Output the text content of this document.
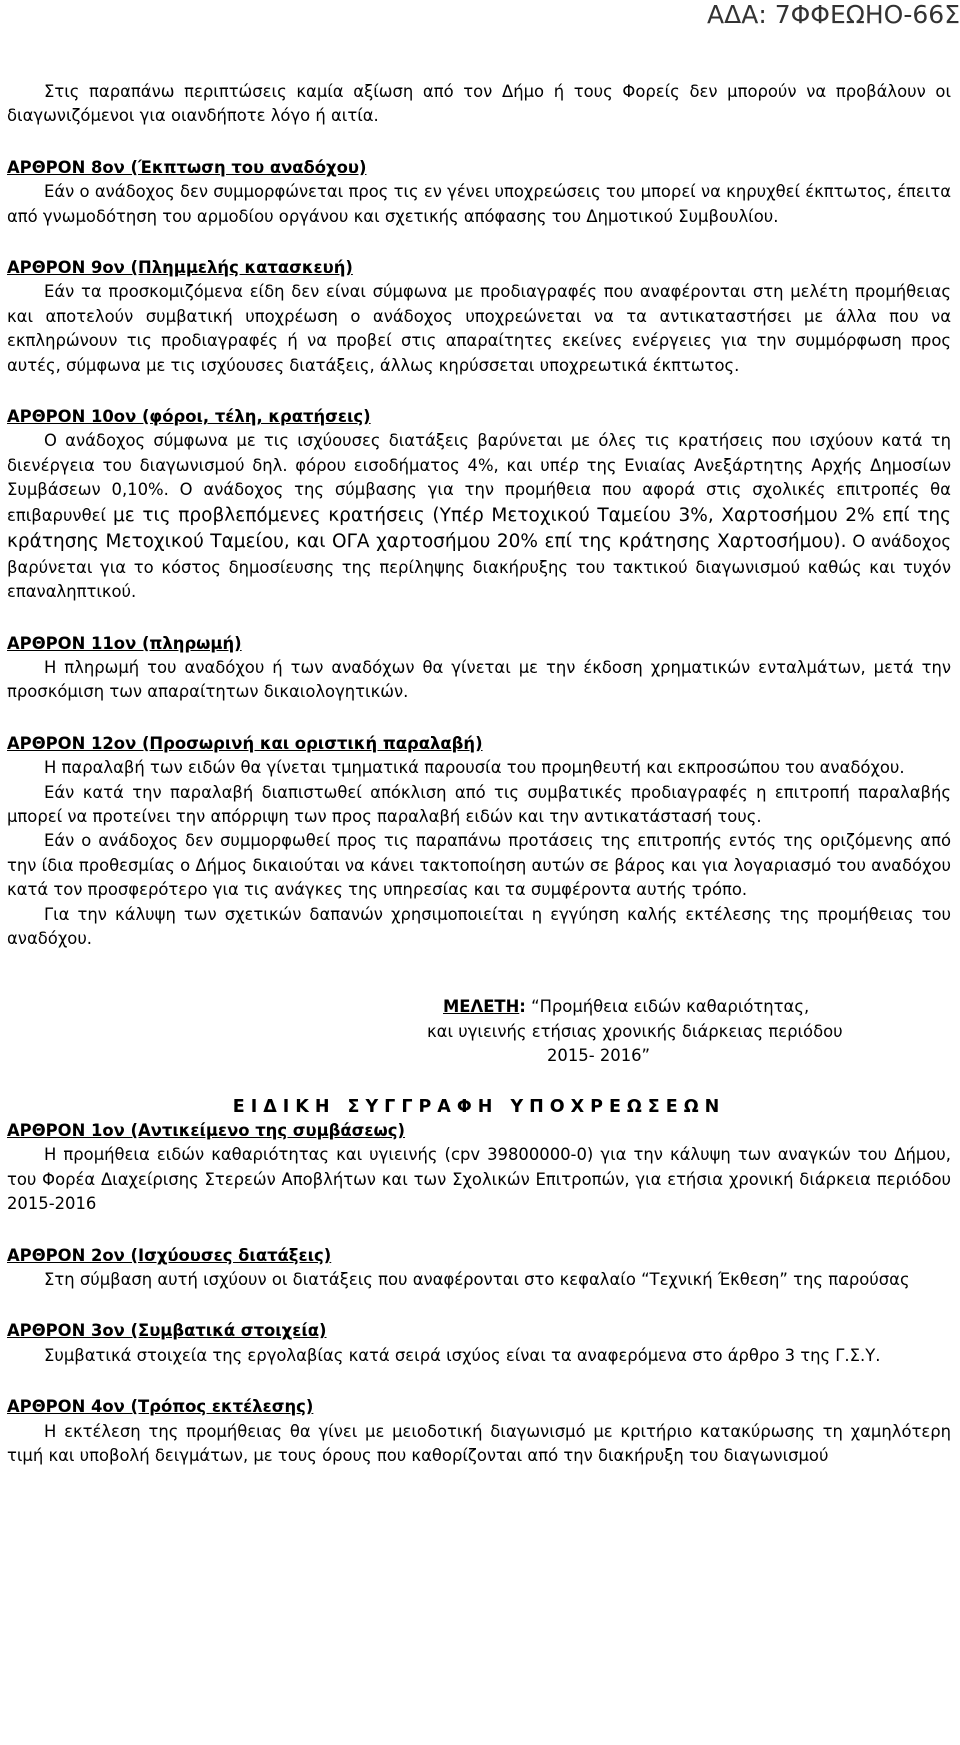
ΑΔΑ: 7ΦΦΕΩΗΟ-66Σ

Στις παραπάνω περιπτώσεις καμία αξίωση από τον Δήμο ή τους Φορείς δεν μπορούν να προβάλουν οι διαγωνιζόμενοι για οιανδήποτε λόγο ή αιτία.

ΑΡΘΡΟΝ 8ον (Έκπτωση του αναδόχου)

Εάν ο ανάδοχος δεν συμμορφώνεται προς τις εν γένει υποχρεώσεις του μπορεί να κηρυχθεί έκπτωτος, έπειτα από γνωμοδότηση του αρμοδίου οργάνου και σχετικής απόφασης του Δημοτικού Συμβουλίου.

ΑΡΘΡΟΝ 9ον (Πλημμελής κατασκευή)

Εάν τα προσκομιζόμενα είδη δεν είναι σύμφωνα με προδιαγραφές που αναφέρονται στη μελέτη προμήθειας και αποτελούν συμβατική υποχρέωση ο ανάδοχος υποχρεώνεται να τα αντικαταστήσει με άλλα που να εκπληρώνουν τις προδιαγραφές ή να προβεί στις απαραίτητες εκείνες ενέργειες για την συμμόρφωση προς αυτές, σύμφωνα με τις ισχύουσες διατάξεις, άλλως κηρύσσεται υποχρεωτικά έκπτωτος.

ΑΡΘΡΟΝ 10ον (φόροι, τέλη, κρατήσεις)

Ο ανάδοχος σύμφωνα με τις ισχύουσες διατάξεις βαρύνεται με όλες τις κρατήσεις που ισχύουν κατά τη διενέργεια του διαγωνισμού δηλ. φόρου εισοδήματος 4%, και υπέρ της Ενιαίας Ανεξάρτητης Αρχής Δημοσίων Συμβάσεων 0,10%. Ο ανάδοχος της σύμβασης για την προμήθεια που αφορά στις σχολικές επιτροπές θα επιβαρυνθεί με τις προβλεπόμενες κρατήσεις (Υπέρ Μετοχικού Ταμείου 3%, Χαρτοσήμου 2% επί της κράτησης Μετοχικού Ταμείου, και ΟΓΑ χαρτοσήμου 20% επί της κράτησης Χαρτοσήμου). Ο ανάδοχος βαρύνεται για το κόστος δημοσίευσης της περίληψης διακήρυξης του τακτικού διαγωνισμού καθώς και τυχόν επαναληπτικού.

ΑΡΘΡΟΝ 11ον (πληρωμή)

Η πληρωμή του αναδόχου ή των αναδόχων θα γίνεται με την έκδοση χρηματικών ενταλμάτων, μετά την προσκόμιση των απαραίτητων δικαιολογητικών.

ΑΡΘΡΟΝ 12ον (Προσωρινή και οριστική παραλαβή)

Η παραλαβή των ειδών θα γίνεται τμηματικά παρουσία του προμηθευτή και εκπροσώπου του αναδόχου.

Εάν κατά την παραλαβή διαπιστωθεί απόκλιση από τις συμβατικές προδιαγραφές η επιτροπή παραλαβής μπορεί να προτείνει την απόρριψη των προς παραλαβή ειδών και την αντικατάστασή τους.

Εάν ο ανάδοχος δεν συμμορφωθεί προς τις παραπάνω προτάσεις της επιτροπής εντός της οριζόμενης από την ίδια προθεσμίας ο Δήμος δικαιούται να κάνει τακτοποίηση αυτών σε βάρος και για λογαριασμό του αναδόχου κατά τον προσφερότερο για τις ανάγκες της υπηρεσίας και τα συμφέροντα αυτής τρόπο.

Για την κάλυψη των σχετικών δαπανών χρησιμοποιείται η εγγύηση καλής εκτέλεσης της προμήθειας του αναδόχου.

ΜΕΛΕΤΗ: “Προμήθεια ειδών καθαριότητας,
και υγιεινής ετήσιας χρονικής διάρκειας περιόδου
2015- 2016”

ΕΙΔΙΚΗ ΣΥΓΓΡΑΦΗ ΥΠΟΧΡΕΩΣΕΩΝ

ΑΡΘΡΟΝ 1ον (Αντικείμενο της συμβάσεως)

Η προμήθεια ειδών καθαριότητας και υγιεινής (cpv 39800000-0) για την κάλυψη των αναγκών του Δήμου, του Φορέα Διαχείρισης Στερεών Αποβλήτων και των Σχολικών Επιτροπών, για ετήσια χρονική διάρκεια περιόδου 2015-2016

ΑΡΘΡΟΝ 2ον (Ισχύουσες διατάξεις)

Στη σύμβαση αυτή ισχύουν οι διατάξεις που αναφέρονται στο κεφαλαίο “Τεχνική Έκθεση” της παρούσας

ΑΡΘΡΟΝ 3ον (Συμβατικά στοιχεία)

Συμβατικά στοιχεία της εργολαβίας κατά σειρά ισχύος είναι τα αναφερόμενα στο άρθρο 3 της Γ.Σ.Υ.

ΑΡΘΡΟΝ 4ον (Τρόπος εκτέλεσης)

Η εκτέλεση της προμήθειας θα γίνει με μειοδοτική διαγωνισμό με κριτήριο κατακύρωσης τη χαμηλότερη τιμή και υποβολή δειγμάτων, με τους όρους που καθορίζονται από την διακήρυξη του διαγωνισμού
